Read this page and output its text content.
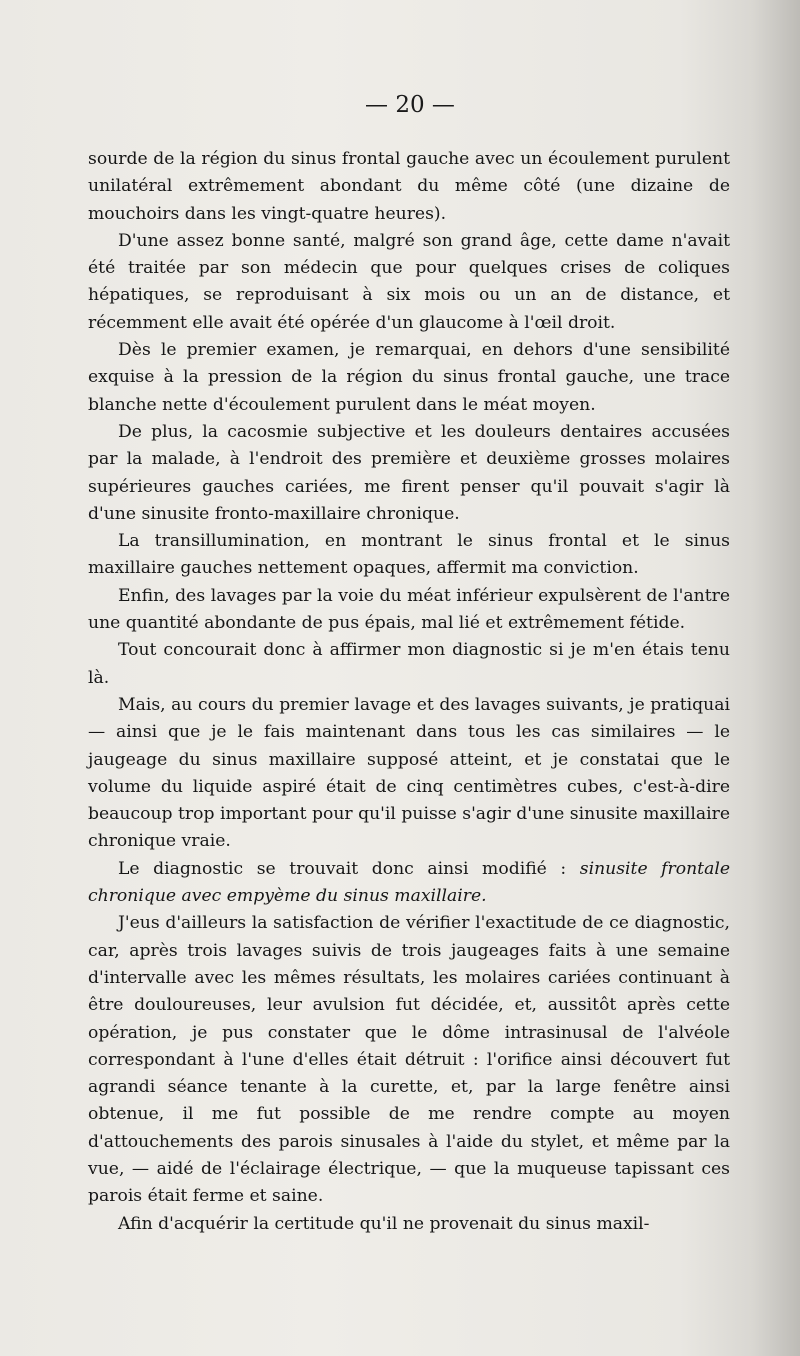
— 20 —

sourde de la région du sinus frontal gauche avec un écoulement purulent unilatéral extrêmement abondant du même côté (une dizaine de mouchoirs dans les vingt-quatre heures).

D'une assez bonne santé, malgré son grand âge, cette dame n'avait été traitée par son médecin que pour quelques crises de coliques hépatiques, se reproduisant à six mois ou un an de distance, et récemment elle avait été opérée d'un glaucome à l'œil droit.

Dès le premier examen, je remarquai, en dehors d'une sensibilité exquise à la pression de la région du sinus frontal gauche, une trace blanche nette d'écoulement purulent dans le méat moyen.

De plus, la cacosmie subjective et les douleurs dentaires accusées par la malade, à l'endroit des première et deuxième grosses molaires supérieures gauches cariées, me firent penser qu'il pouvait s'agir là d'une sinusite fronto-maxillaire chronique.

La transillumination, en montrant le sinus frontal et le sinus maxillaire gauches nettement opaques, affermit ma conviction.

Enfin, des lavages par la voie du méat inférieur expulsèrent de l'antre une quantité abondante de pus épais, mal lié et extrêmement fétide.

Tout concourait donc à affirmer mon diagnostic si je m'en étais tenu là.

Mais, au cours du premier lavage et des lavages suivants, je pratiquai — ainsi que je le fais maintenant dans tous les cas similaires — le jaugeage du sinus maxillaire supposé atteint, et je constatai que le volume du liquide aspiré était de cinq centimètres cubes, c'est-à-dire beaucoup trop important pour qu'il puisse s'agir d'une sinusite maxillaire chronique vraie.

Le diagnostic se trouvait donc ainsi modifié : sinusite frontale chronique avec empyème du sinus maxillaire.

J'eus d'ailleurs la satisfaction de vérifier l'exactitude de ce diagnostic, car, après trois lavages suivis de trois jaugeages faits à une semaine d'intervalle avec les mêmes résultats, les molaires cariées continuant à être douloureuses, leur avulsion fut décidée, et, aussitôt après cette opération, je pus constater que le dôme intrasinusal de l'alvéole correspondant à l'une d'elles était détruit : l'orifice ainsi découvert fut agrandi séance tenante à la curette, et, par la large fenêtre ainsi obtenue, il me fut possible de me rendre compte au moyen d'attouchements des parois sinusales à l'aide du stylet, et même par la vue, — aidé de l'éclairage électrique, — que la muqueuse tapissant ces parois était ferme et saine.

Afin d'acquérir la certitude qu'il ne provenait du sinus maxil-
